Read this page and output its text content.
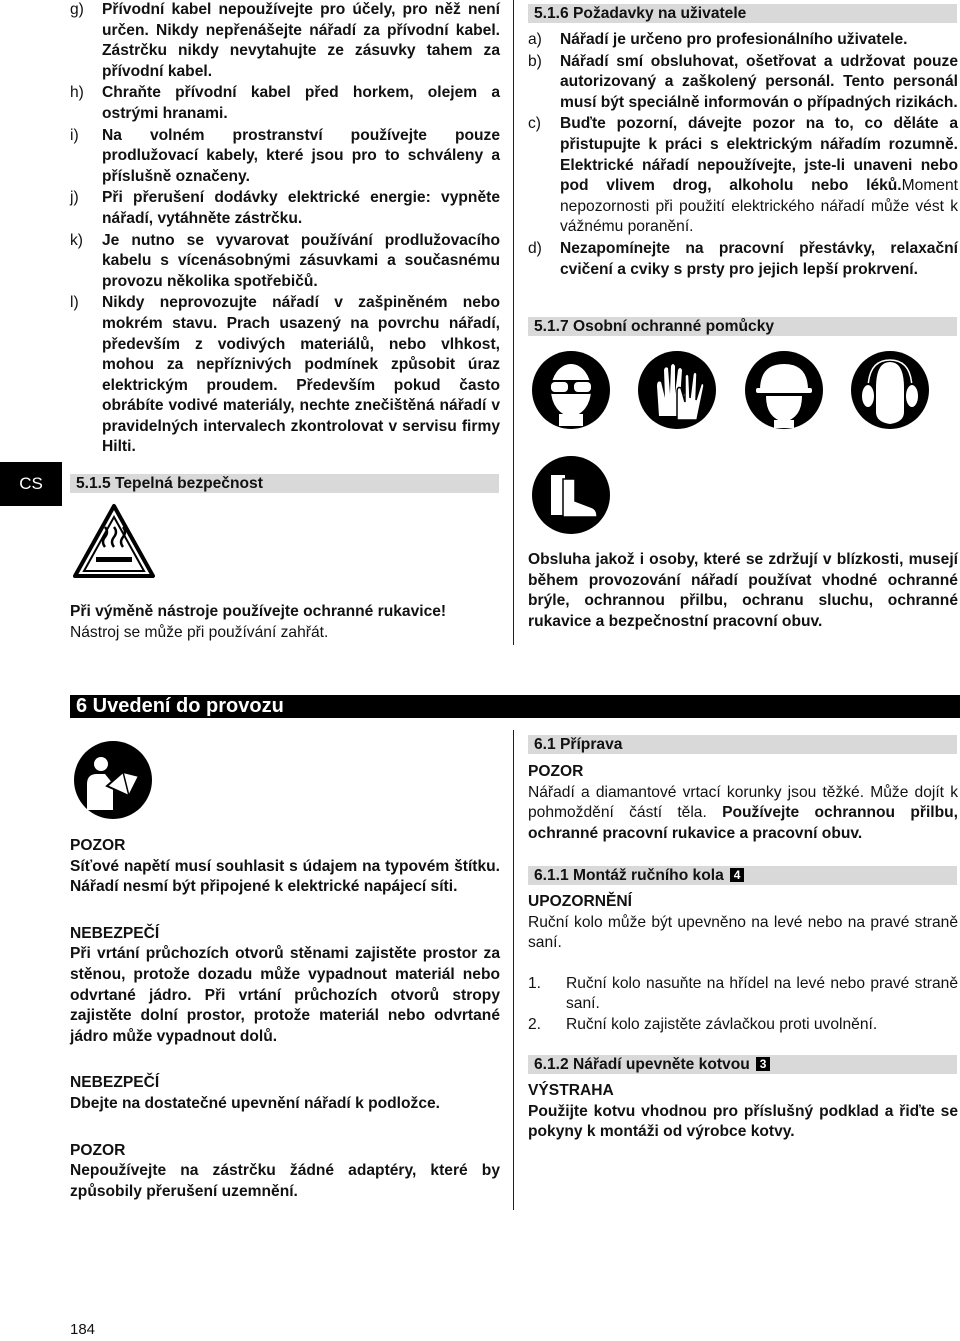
g) Přívodní kabel nepoužívejte pro účely, pro něž není určen. Nikdy nepřenášejte nářadí za přívodní kabel. Zástrčku nikdy nevytahujte ze zásuvky tahem za přívodní kabel.
h) Chraňte přívodní kabel před horkem, olejem a ostrými hranami.
i) Na volném prostranství používejte pouze prodlužovací kabely, které jsou pro to schváleny a příslušně označeny.
j) Při přerušení dodávky elektrické energie: vypněte nářadí, vytáhněte zástrčku.
k) Je nutno se vyvarovat používání prodlužovacího kabelu s vícenásobnými zásuvkami a současnému provozu několika spotřebičů.
l) Nikdy neprovozujte nářadí v zašpiněném nebo mokrém stavu. Prach usazený na povrchu nářadí, především z vodivých materiálů, nebo vlhkost, mohou za nepříznivých podmínek způsobit úraz elektrickým proudem. Především pokud často obrábíte vodivé materiály, nechte znečištěná nářadí v pravidelných intervalech zkontrolovat v servisu firmy Hilti.
CS	5.1.5 Tepelná bezpečnost

Při výměně nástroje používejte ochranné rukavice!

Nástroj se může při používání zahřát.

5.1.6 Požadavky na uživatele
a) Nářadí je určeno pro profesionálního uživatele.
b) Nářadí smí obsluhovat, ošetřovat a udržovat pouze autorizovaný a zaškolený personál. Tento personál musí být speciálně informován o případných rizikách.
c) Buďte pozorní, dávejte pozor na to, co děláte a přistupujte k práci s elektrickým nářadím rozumně. Elektrické nářadí nepoužívejte, jste-li unaveni nebo pod vlivem drog, alkoholu nebo léků.Moment nepozornosti při použití elektrického nářadí může vést k vážnému poranění.
d) Nezapomínejte na pracovní přestávky, relaxační cvičení a cviky s prsty pro jejich lepší prokrvení.
5.1.7 Osobní ochranné pomůcky
Obsluha jakož i osoby, které se zdržují v blízkosti, musejí během provozování nářadí používat vhodné ochranné brýle, ochrannou přilbu, ochranu sluchu, ochranné rukavice a bezpečnostní pracovní obuv.
6 Uvedení do provozu

POZOR

Síťové napětí musí souhlasit s údajem na typovém štítku. Nářadí nesmí být připojené k elektrické napájecí síti.

NEBEZPEČÍ

Při vrtání průchozích otvorů stěnami zajistěte prostor za stěnou, protože dozadu může vypadnout materiál nebo odvrtané jádro. Při vrtání průchozích otvorů stropy zajistěte dolní prostor, protože materiál nebo odvrtané jádro může vypadnout dolů.

NEBEZPEČÍ

Dbejte na dostatečné upevnění nářadí k podložce.

POZOR

Nepoužívejte na zástrčku žádné adaptéry, které by způsobily přerušení uzemnění.

6.1 Příprava

POZOR

Nářadí a diamantové vrtací korunky jsou těžké. Může dojít k pohmoždění částí těla. Používejte ochrannou přilbu, ochranné pracovní rukavice a pracovní obuv.

6.1.1 Montáž ručního kola 4

UPOZORNĚNÍ

Ruční kolo může být upevněno na levé nebo na pravé straně saní.

1. Ruční kolo nasuňte na hřídel na levé nebo pravé straně saní.
2. Ruční kolo zajistěte závlačkou proti uvolnění.
6.1.2 Nářadí upevněte kotvou 3

VÝSTRAHA

Použijte kotvu vhodnou pro příslušný podklad a řiďte se pokyny k montáži od výrobce kotvy.

184
